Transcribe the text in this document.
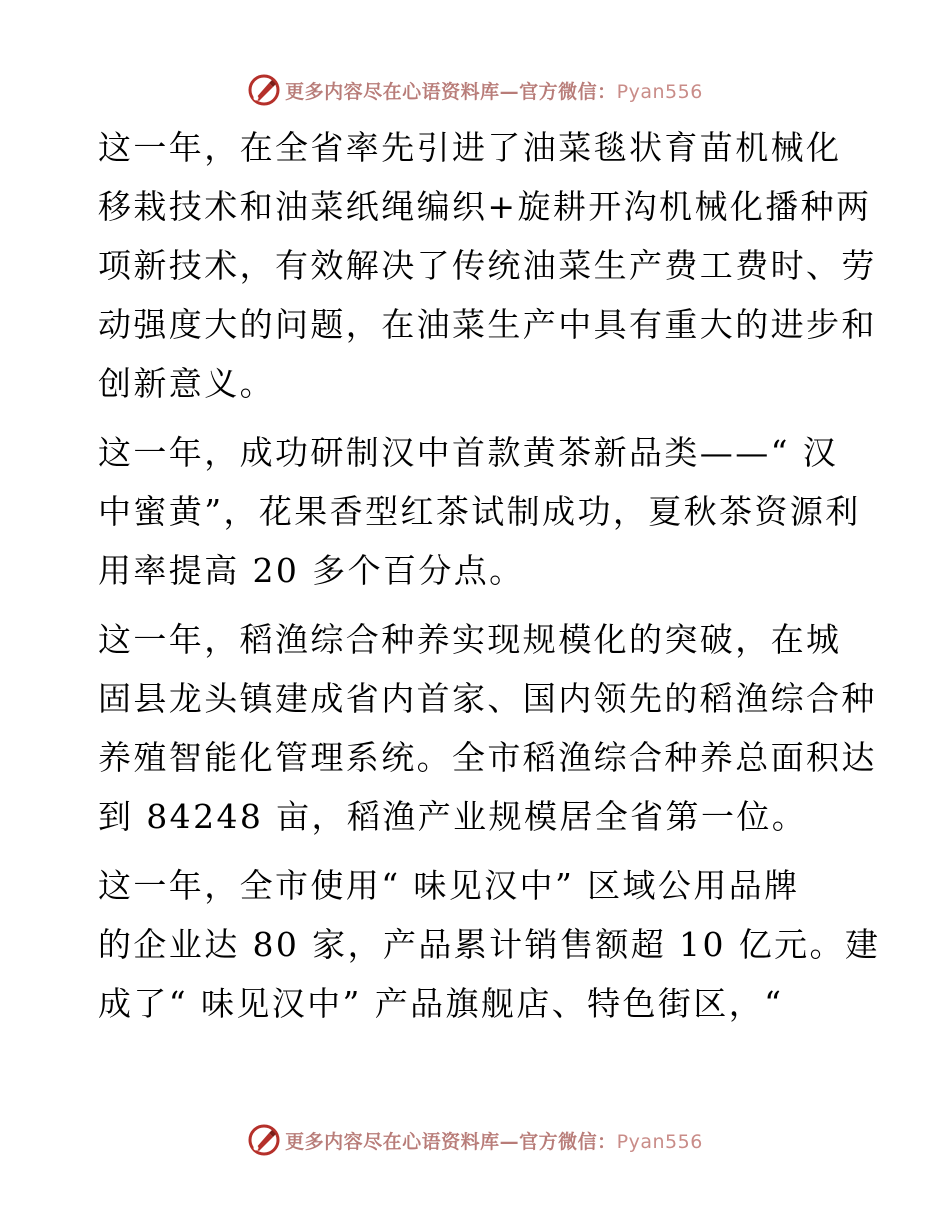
更多内容尽在心语资料库—官方微信：Pyan556
这一年，在全省率先引进了油菜毯状育苗机械化
移栽技术和油菜纸绳编织+旋耕开沟机械化播种两
项新技术，有效解决了传统油菜生产费工费时、劳
动强度大的问题，在油菜生产中具有重大的进步和
创新意义。
这一年，成功研制汉中首款黄茶新品类——“ 汉
中蜜黄”，花果香型红茶试制成功，夏秋茶资源利
用率提高 20 多个百分点。
这一年，稻渔综合种养实现规模化的突破，在城
固县龙头镇建成省内首家、国内领先的稻渔综合种
养殖智能化管理系统。全市稻渔综合种养总面积达
到 84248 亩，稻渔产业规模居全省第一位。
这一年，全市使用“ 味见汉中” 区域公用品牌
的企业达 80 家，产品累计销售额超 10 亿元。建
成了“ 味见汉中” 产品旗舰店、特色街区，“
更多内容尽在心语资料库—官方微信：Pyan556
